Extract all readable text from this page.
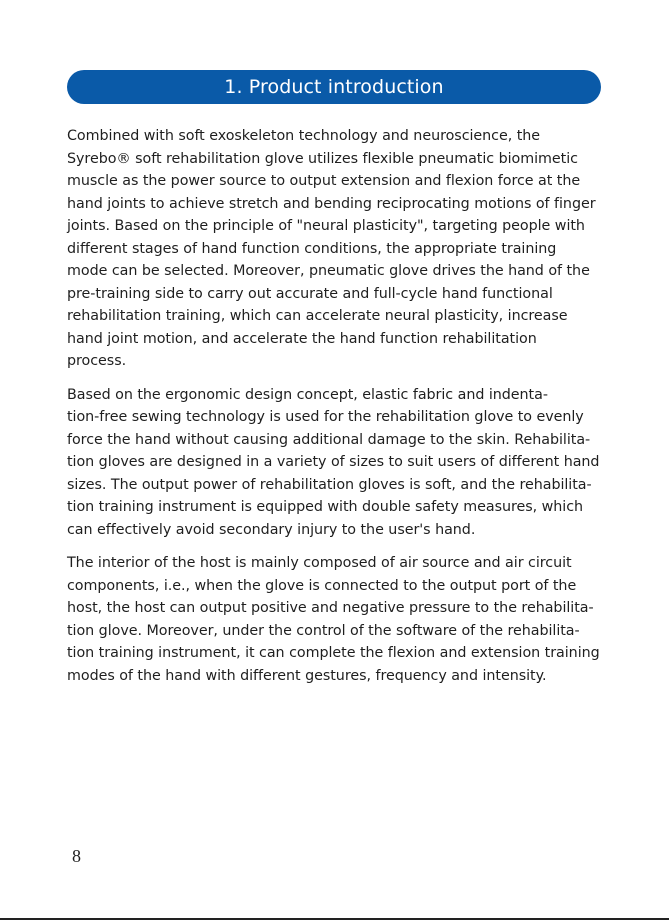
1. Product introduction

Combined with soft exoskeleton technology and neuroscience, the
Syrebo® soft rehabilitation glove utilizes flexible pneumatic biomimetic
muscle as the power source to output extension and flexion force at the
hand joints to achieve stretch and bending reciprocating motions of finger
joints. Based on the principle of "neural plasticity", targeting people with
different stages of hand function conditions, the appropriate training
mode can be selected. Moreover, pneumatic glove drives the hand of the
pre-training side to carry out accurate and full-cycle hand functional
rehabilitation training, which can accelerate neural plasticity, increase
hand joint motion, and accelerate the hand function rehabilitation
process.

Based on the ergonomic design concept, elastic fabric and indenta-
tion-free sewing technology is used for the rehabilitation glove to evenly
force the hand without causing additional damage to the skin. Rehabilita-
tion gloves are designed in a variety of sizes to suit users of different hand
sizes. The output power of rehabilitation gloves is soft, and the rehabilita-
tion training instrument is equipped with double safety measures, which
can effectively avoid secondary injury to the user's hand.

The interior of the host is mainly composed of air source and air circuit
components, i.e., when the glove is connected to the output port of the
host, the host can output positive and negative pressure to the rehabilita-
tion glove. Moreover, under the control of the software of the rehabilita-
tion training instrument, it can complete the flexion and extension training
modes of the hand with different gestures, frequency and intensity.

8
